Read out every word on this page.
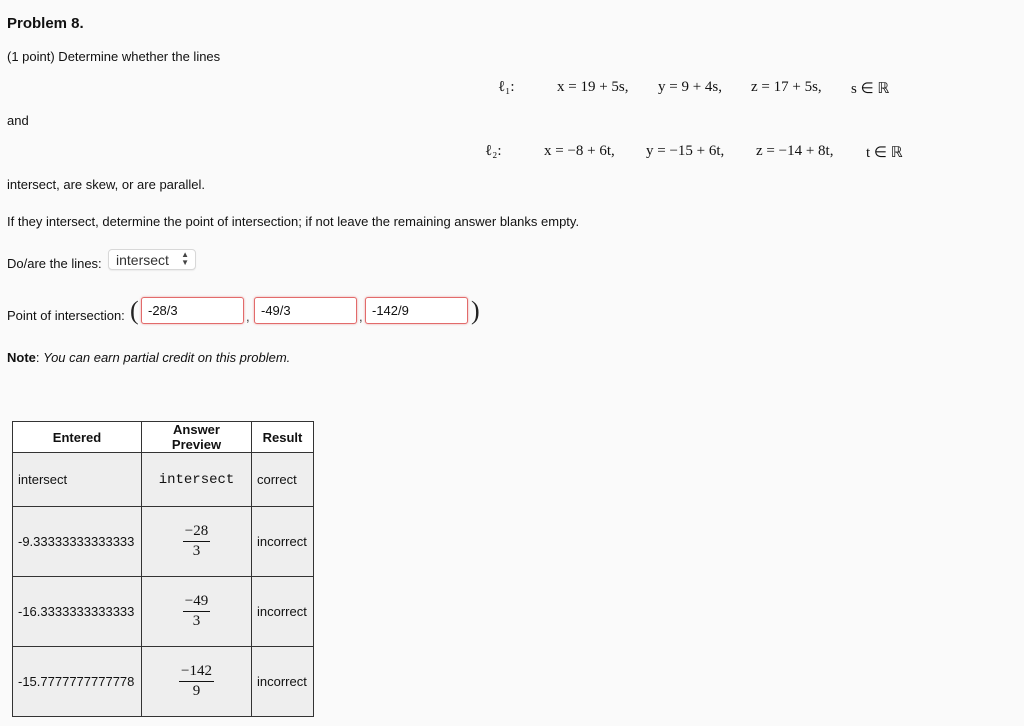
Problem 8.
(1 point) Determine whether the lines
ℓ₁:	x = 19 + 5s, y = 9 + 4s, z = 17 + 5s, s ∈ ℝ
and
ℓ₂:	x = −8 + 6t, y = −15 + 6t, z = −14 + 8t, t ∈ ℝ
intersect, are skew, or are parallel.
If they intersect, determine the point of intersection; if not leave the remaining answer blanks empty.
Do/are the lines: intersect ▲
▼
Point of intersection: (
-28/3	,
-49/3	,
-142/9	)
Note: You can earn partial credit on this problem.
Entered	Answer Preview	Result
intersect	intersect	correct
-9.33333333333333	$\frac{-28}{3}$	incorrect
-16.3333333333333	$\frac{-49}{3}$	incorrect
-15.7777777777778	$\frac{-142}{9}$	incorrect
